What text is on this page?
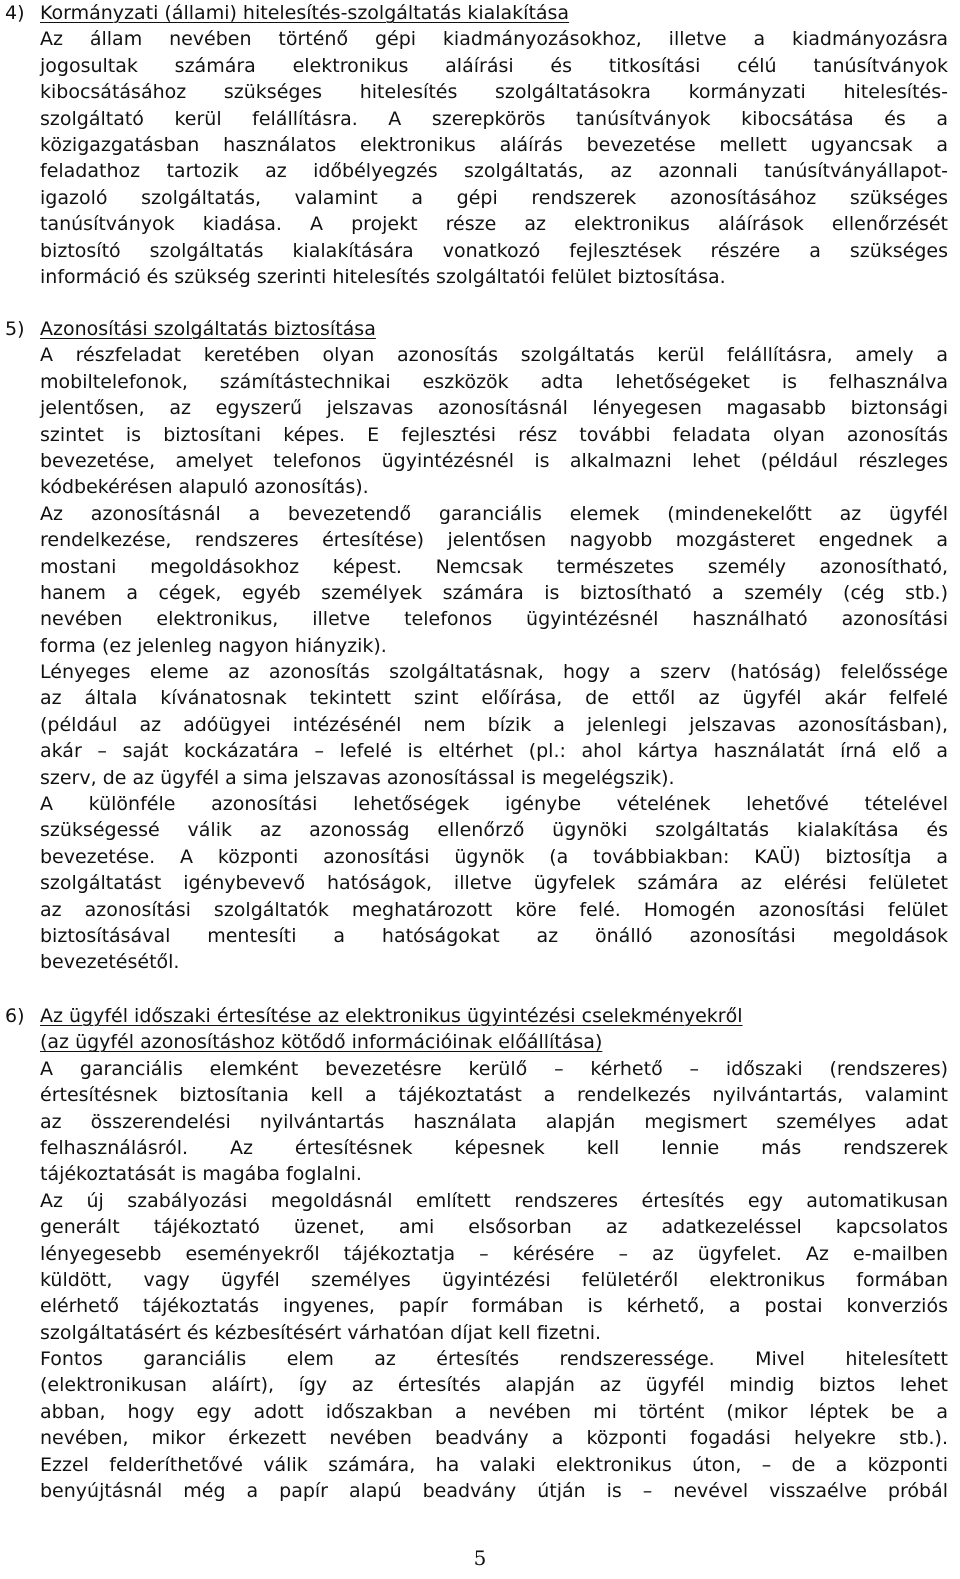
4) Kormányzati (állami) hitelesítés-szolgáltatás kialakítása
Az állam nevében történő gépi kiadmányozásokhoz, illetve a kiadmányozásra
jogosultak számára elektronikus aláírási és titkosítási célú tanúsítványok
kibocsátásához szükséges hitelesítés szolgáltatásokra kormányzati hitelesítés-
szolgáltató kerül felállításra. A szerepkörös tanúsítványok kibocsátása és a
közigazgatásban használatos elektronikus aláírás bevezetése mellett ugyancsak a
feladathoz tartozik az időbélyegzés szolgáltatás, az azonnali tanúsítványállapot-
igazoló szolgáltatás, valamint a gépi rendszerek azonosításához szükséges
tanúsítványok kiadása. A projekt része az elektronikus aláírások ellenőrzését
biztosító szolgáltatás kialakítására vonatkozó fejlesztések részére a szükséges
információ és szükség szerinti hitelesítés szolgáltatói felület biztosítása.
5) Azonosítási szolgáltatás biztosítása
A részfeladat keretében olyan azonosítás szolgáltatás kerül felállításra, amely a
mobiltelefonok, számítástechnikai eszközök adta lehetőségeket is felhasználva
jelentősen, az egyszerű jelszavas azonosításnál lényegesen magasabb biztonsági
szintet is biztosítani képes. E fejlesztési rész további feladata olyan azonosítás
bevezetése, amelyet telefonos ügyintézésnél is alkalmazni lehet (például részleges
kódbekérésen alapuló azonosítás).
Az azonosításnál a bevezetendő garanciális elemek (mindenekelőtt az ügyfél
rendelkezése, rendszeres értesítése) jelentősen nagyobb mozgásteret engednek a
mostani megoldásokhoz képest. Nemcsak természetes személy azonosítható,
hanem a cégek, egyéb személyek számára is biztosítható a személy (cég stb.)
nevében elektronikus, illetve telefonos ügyintézésnél használható azonosítási
forma (ez jelenleg nagyon hiányzik).
Lényeges eleme az azonosítás szolgáltatásnak, hogy a szerv (hatóság) felelőssége
az általa kívánatosnak tekintett szint előírása, de ettől az ügyfél akár felfelé
(például az adóügyei intézésénél nem bízik a jelenlegi jelszavas azonosításban),
akár – saját kockázatára – lefelé is eltérhet (pl.: ahol kártya használatát írná elő a
szerv, de az ügyfél a sima jelszavas azonosítással is megelégszik).
A különféle azonosítási lehetőségek igénybe vételének lehetővé tételével
szükségessé válik az azonosság ellenőrző ügynöki szolgáltatás kialakítása és
bevezetése. A központi azonosítási ügynök (a továbbiakban: KAÜ) biztosítja a
szolgáltatást igénybevevő hatóságok, illetve ügyfelek számára az elérési felületet
az azonosítási szolgáltatók meghatározott köre felé. Homogén azonosítási felület
biztosításával mentesíti a hatóságokat az önálló azonosítási megoldások
bevezetésétől.
6) Az ügyfél időszaki értesítése az elektronikus ügyintézési cselekményekről
(az ügyfél azonosításhoz kötődő információinak előállítása)
A garanciális elemként bevezetésre kerülő – kérhető – időszaki (rendszeres)
értesítésnek biztosítania kell a tájékoztatást a rendelkezés nyilvántartás, valamint
az összerendelési nyilvántartás használata alapján megismert személyes adat
felhasználásról. Az értesítésnek képesnek kell lennie más rendszerek
tájékoztatását is magába foglalni.
Az új szabályozási megoldásnál említett rendszeres értesítés egy automatikusan
generált tájékoztató üzenet, ami elsősorban az adatkezeléssel kapcsolatos
lényegesebb eseményekről tájékoztatja – kérésére – az ügyfelet. Az e-mailben
küldött, vagy ügyfél személyes ügyintézési felületéről elektronikus formában
elérhető tájékoztatás ingyenes, papír formában is kérhető, a postai konverziós
szolgáltatásért és kézbesítésért várhatóan díjat kell fizetni.
Fontos garanciális elem az értesítés rendszeressége. Mivel hitelesített
(elektronikusan aláírt), így az értesítés alapján az ügyfél mindig biztos lehet
abban, hogy egy adott időszakban a nevében mi történt (mikor léptek be a
nevében, mikor érkezett nevében beadvány a központi fogadási helyekre stb.).
Ezzel felderíthetővé válik számára, ha valaki elektronikus úton, – de a központi
benyújtásnál még a papír alapú beadvány útján is – nevével visszaélve próbál
5
